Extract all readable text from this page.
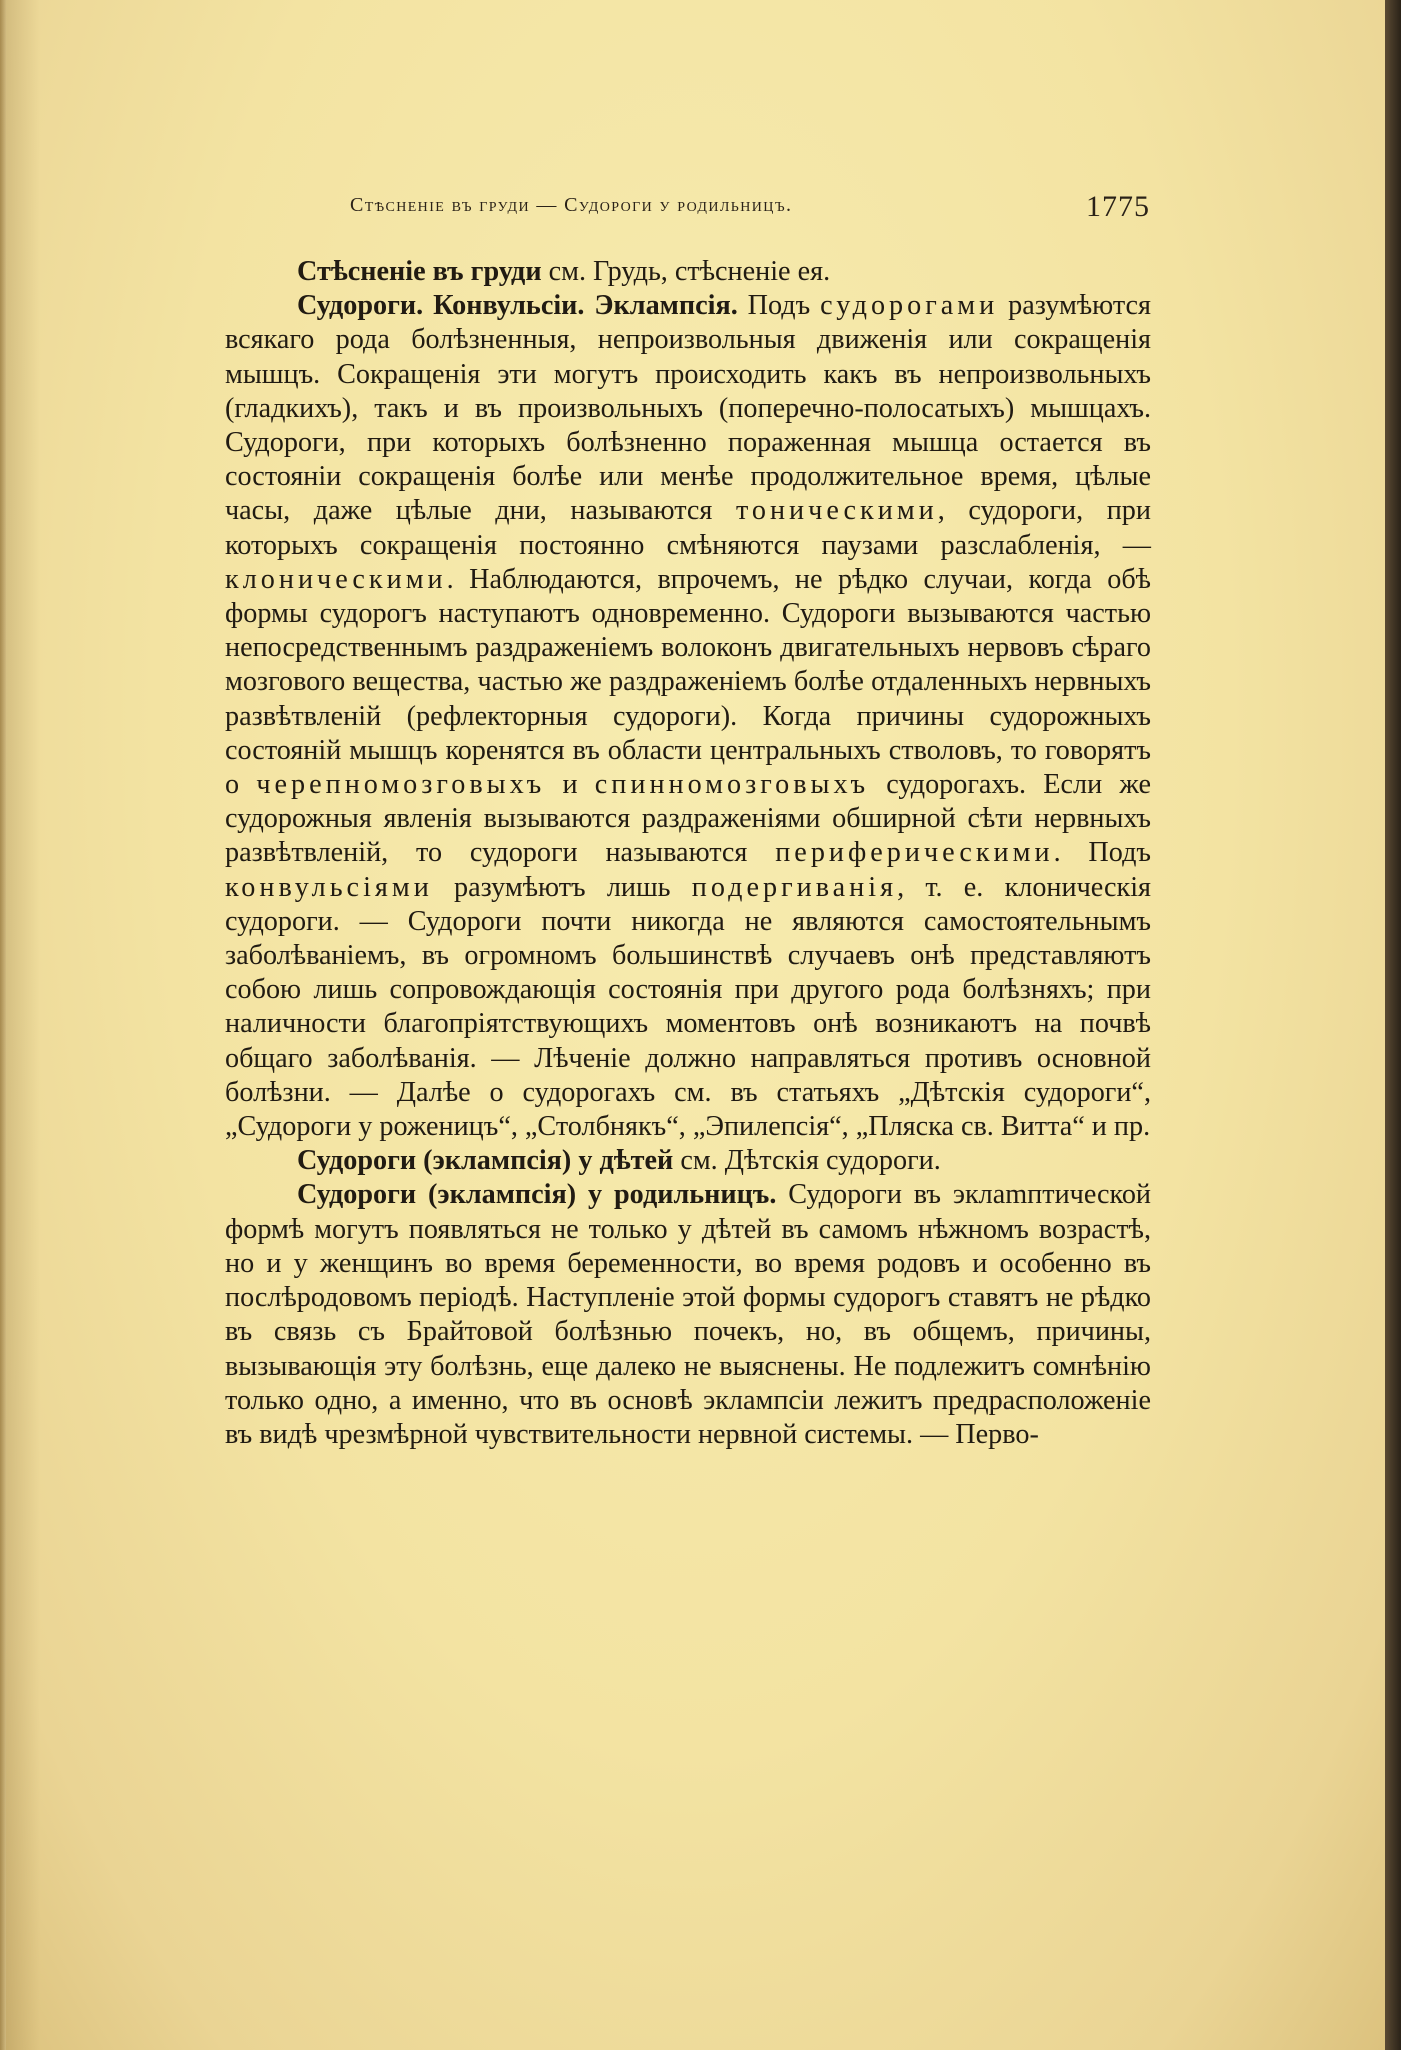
Стѣсненіе въ груди — Судороги у родильницъ.	1775

Стѣсненіе въ груди см. Грудь, стѣсненіе ея.

Судороги. Конвульсіи. Эклампсія. Подъ судорогами разумѣются всякаго рода болѣзненныя, непроизвольныя движенія или сокращенія мышцъ. Сокращенія эти могутъ происходить какъ въ непроизвольныхъ (гладкихъ), такъ и въ произвольныхъ (поперечно-полосатыхъ) мышцахъ. Судороги, при которыхъ болѣзненно пораженная мышца остается въ состояніи сокращенія болѣе или менѣе продолжительное время, цѣлые часы, даже цѣлые дни, называются тоническими, судороги, при которыхъ сокращенія постоянно смѣняются паузами разслабленія, — клоническими. Наблюдаются, впрочемъ, не рѣдко случаи, когда обѣ формы судорогъ наступаютъ одновременно. Судороги вызываются частью непосредственнымъ раздраженіемъ волоконъ двигательныхъ нервовъ сѣраго мозгового вещества, частью же раздраженіемъ болѣе отдаленныхъ нервныхъ развѣтвленій (рефлекторныя судороги). Когда причины судорожныхъ состояній мышцъ коренятся въ области центральныхъ стволовъ, то говорятъ о черепномозговыхъ и спинномозговыхъ судорогахъ. Если же судорожныя явленія вызываются раздраженіями обширной сѣти нервныхъ развѣтвленій, то судороги называются периферическими. Подъ конвульсіями разумѣютъ лишь подергиванія, т. е. клоническія судороги. — Судороги почти никогда не являются самостоятельнымъ заболѣваніемъ, въ огромномъ большинствѣ случаевъ онѣ представляютъ собою лишь сопровождающія состоянія при другого рода болѣзняхъ; при наличности благопріятствующихъ моментовъ онѣ возникаютъ на почвѣ общаго заболѣванія. — Лѣченіе должно направляться противъ основной болѣзни. — Далѣе о судорогахъ см. въ статьяхъ „Дѣтскія судороги“, „Судороги у роженицъ“, „Столбнякъ“, „Эпилепсія“, „Пляска св. Витта“ и пр.

Судороги (эклампсія) у дѣтей см. Дѣтскія судороги.

Судороги (эклампсія) у родильницъ. Судороги въ эклamптической формѣ могутъ появляться не только у дѣтей въ самомъ нѣжномъ возрастѣ, но и у женщинъ во время беременности, во время родовъ и особенно въ послѣродовомъ періодѣ. Наступленіе этой формы судорогъ ставятъ не рѣдко въ связь съ Брайтовой болѣзнью почекъ, но, въ общемъ, причины, вызывающія эту болѣзнь, еще далеко не выяснены. Не подлежитъ сомнѣнію только одно, а именно, что въ основѣ эклампсіи лежитъ предрасположеніе въ видѣ чрезмѣрной чувствительности нервной системы. — Перво-
